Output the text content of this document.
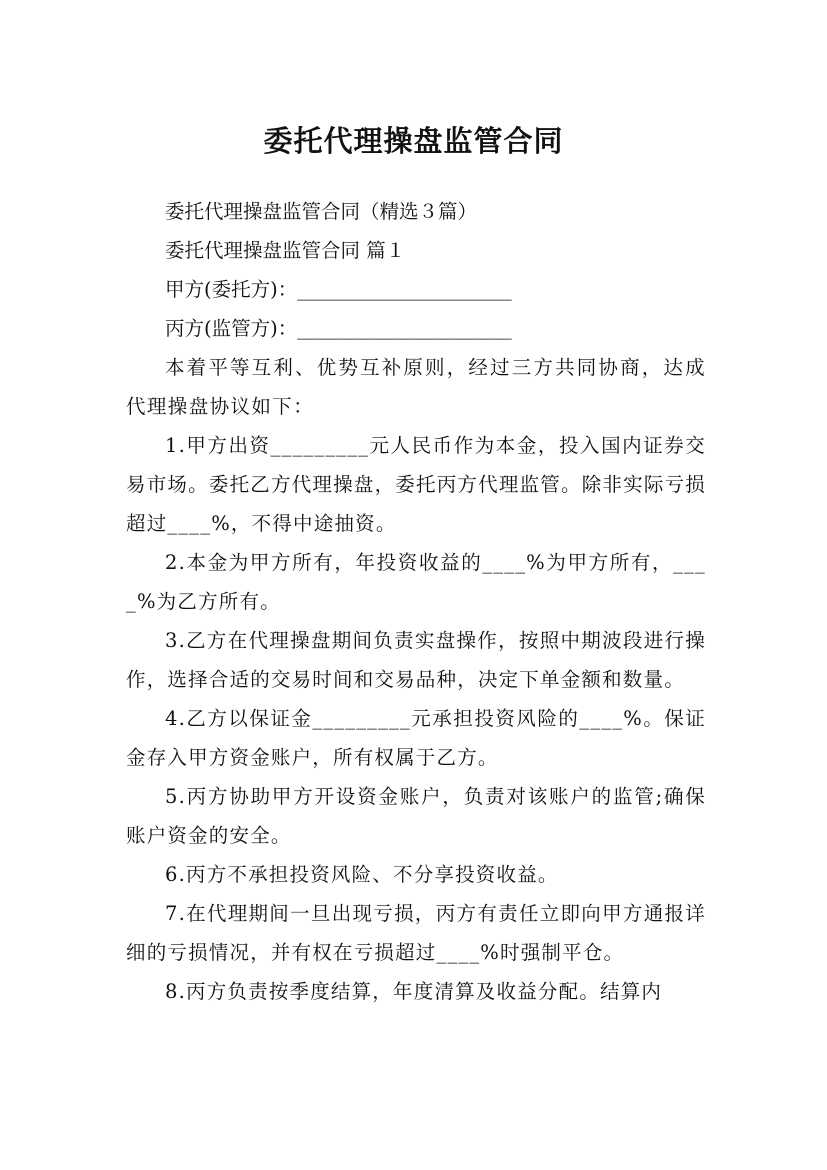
委托代理操盘监管合同

委托代理操盘监管合同（精选３篇）

委托代理操盘监管合同 篇１

甲方(委托方)：______________________

丙方(监管方)：______________________

本着平等互利、优势互补原则，经过三方共同协商，达成代理操盘协议如下：

1.甲方出资_________元人民币作为本金，投入国内证券交易市场。委托乙方代理操盘，委托丙方代理监管。除非实际亏损超过____%，不得中途抽资。

2.本金为甲方所有，年投资收益的____%为甲方所有，____%为乙方所有。

3.乙方在代理操盘期间负责实盘操作，按照中期波段进行操作，选择合适的交易时间和交易品种，决定下单金额和数量。

4.乙方以保证金_________元承担投资风险的____%。保证金存入甲方资金账户，所有权属于乙方。

5.丙方协助甲方开设资金账户，负责对该账户的监管;确保账户资金的安全。

6.丙方不承担投资风险、不分享投资收益。

7.在代理期间一旦出现亏损，丙方有责任立即向甲方通报详细的亏损情况，并有权在亏损超过____%时强制平仓。

8.丙方负责按季度结算，年度清算及收益分配。结算内
